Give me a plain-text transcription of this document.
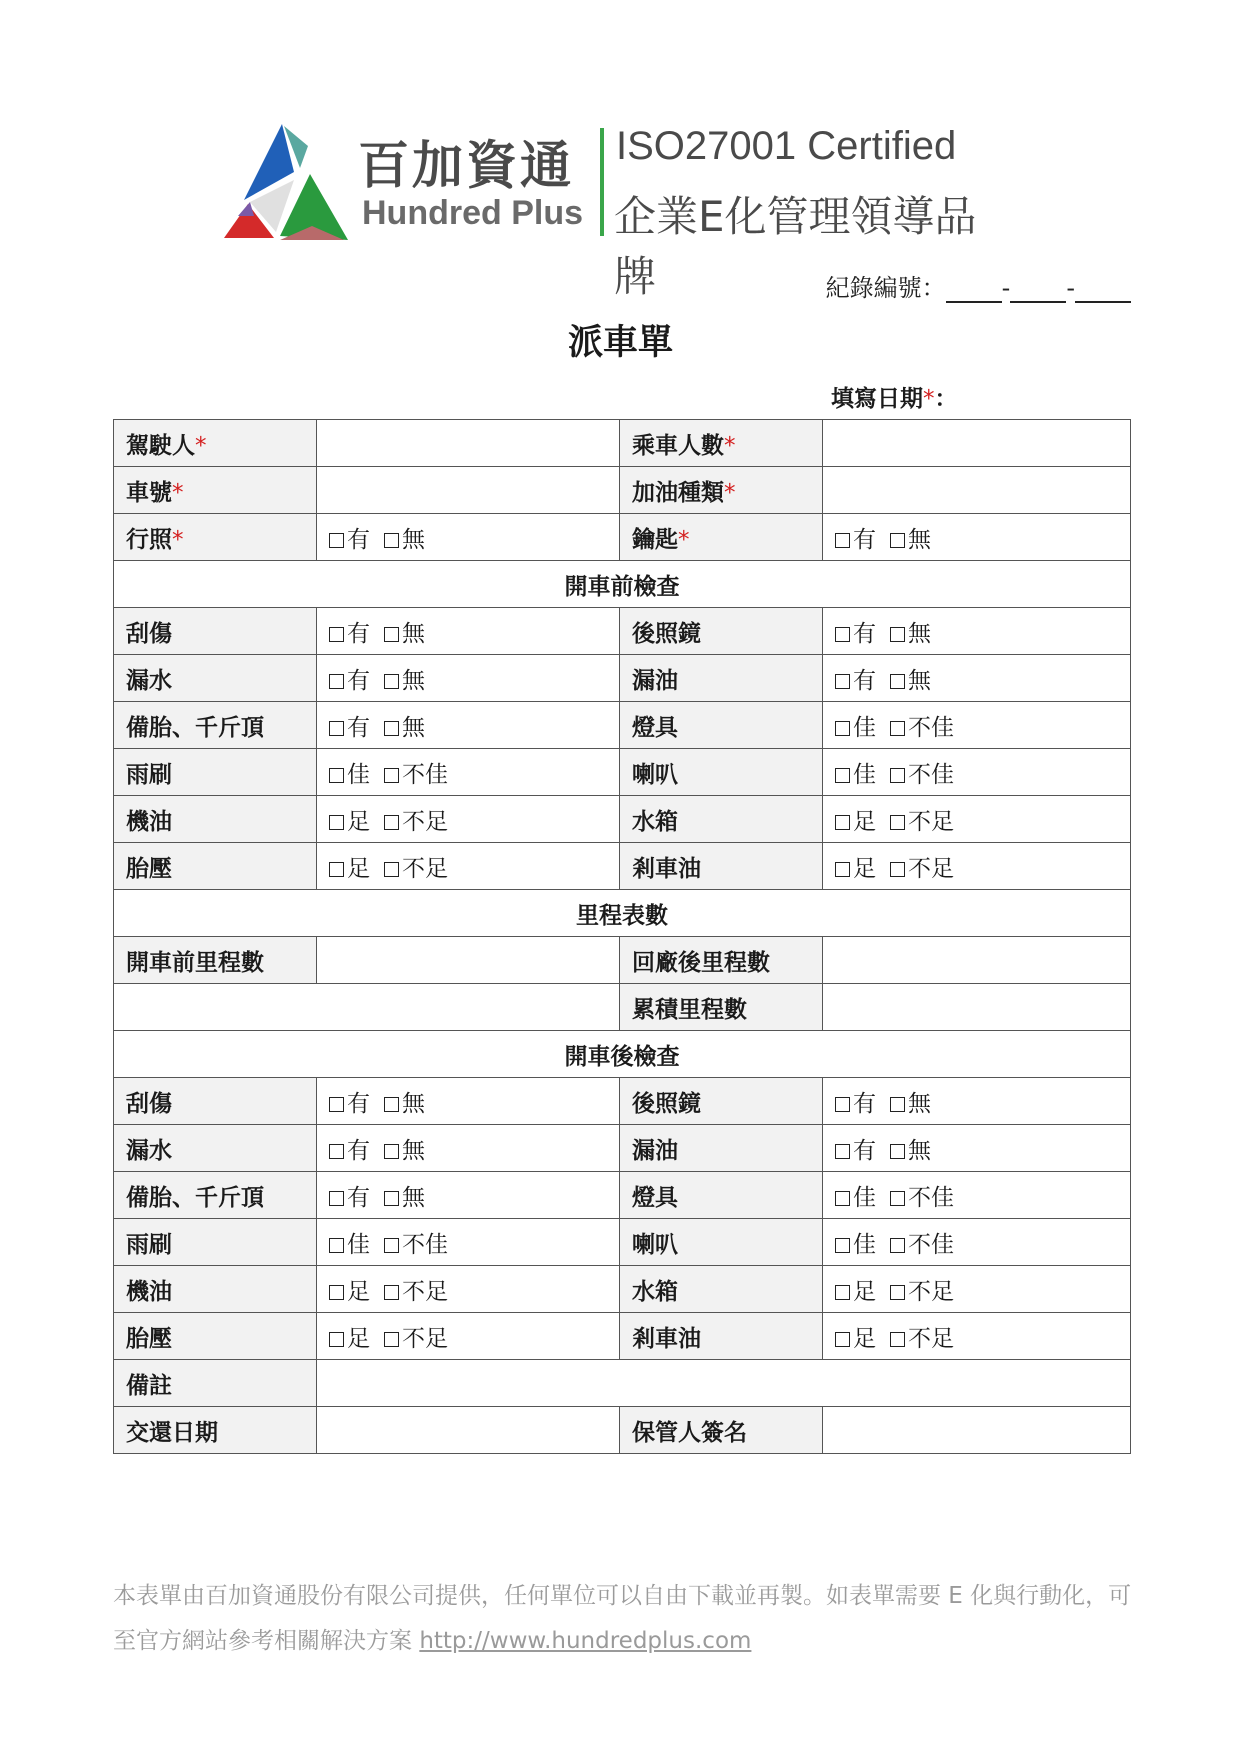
百加資通
Hundred Plus
ISO27001 Certified
企業E化管理領導品牌	紀錄編號： - -
派車單
填寫日期*：
駕駛人*		乘車人數*	
車號*		加油種類*	
行照*	有 無	鑰匙*	有 無
開車前檢查			
刮傷	有 無	後照鏡	有 無
漏水	有 無	漏油	有 無
備胎、千斤頂	有 無	燈具	佳 不佳
雨刷	佳 不佳	喇叭	佳 不佳
機油	足 不足	水箱	足 不足
胎壓	足 不足	剎車油	足 不足
里程表數			
開車前里程數		回廠後里程數	
		累積里程數	
開車後檢查			
刮傷	有 無	後照鏡	有 無
漏水	有 無	漏油	有 無
備胎、千斤頂	有 無	燈具	佳 不佳
雨刷	佳 不佳	喇叭	佳 不佳
機油	足 不足	水箱	足 不足
胎壓	足 不足	剎車油	足 不足
備註			
交還日期		保管人簽名	
本表單由百加資通股份有限公司提供，任何單位可以自由下載並再製。如表單需要 E 化與行動化，可至官方網站參考相關解決方案 http://www.hundredplus.com
